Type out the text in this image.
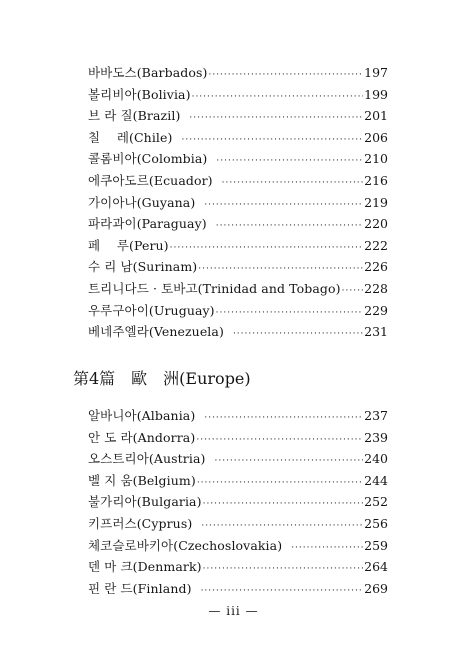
바바도스(Barbados) ·····	197
볼리비아(Bolivia) ·····	199
브 라 질(Brazil) ·····	201
칠　 레(Chile) ·····	206
콜롬비아(Colombia) ·····	210
에쿠아도르(Ecuador) ·····	216
가이아나(Guyana) ·····	219
파라과이(Paraguay) ·····	220
페　 루(Peru) ·····	222
수 리 남(Surinam) ·····	226
트리니다드 · 토바고(Trinidad and Tobago) ····· 228
우루구아이(Uruguay) ·····	229
베네주엘라(Venezuela) ·····	231
第4篇　歐　洲(Europe)
알바니아(Albania) ·····	237
안 도 라(Andorra) ·····	239
오스트리아(Austria) ·····	240
벨 지 움(Belgium) ·····	244
불가리아(Bulgaria) ·····	252
키프러스(Cyprus) ·····	256
체코슬로바키아(Czechoslovakia) ·····	259
덴 마 크(Denmark) ·····	264
핀 란 드(Finland) ·····	269
— iii —
